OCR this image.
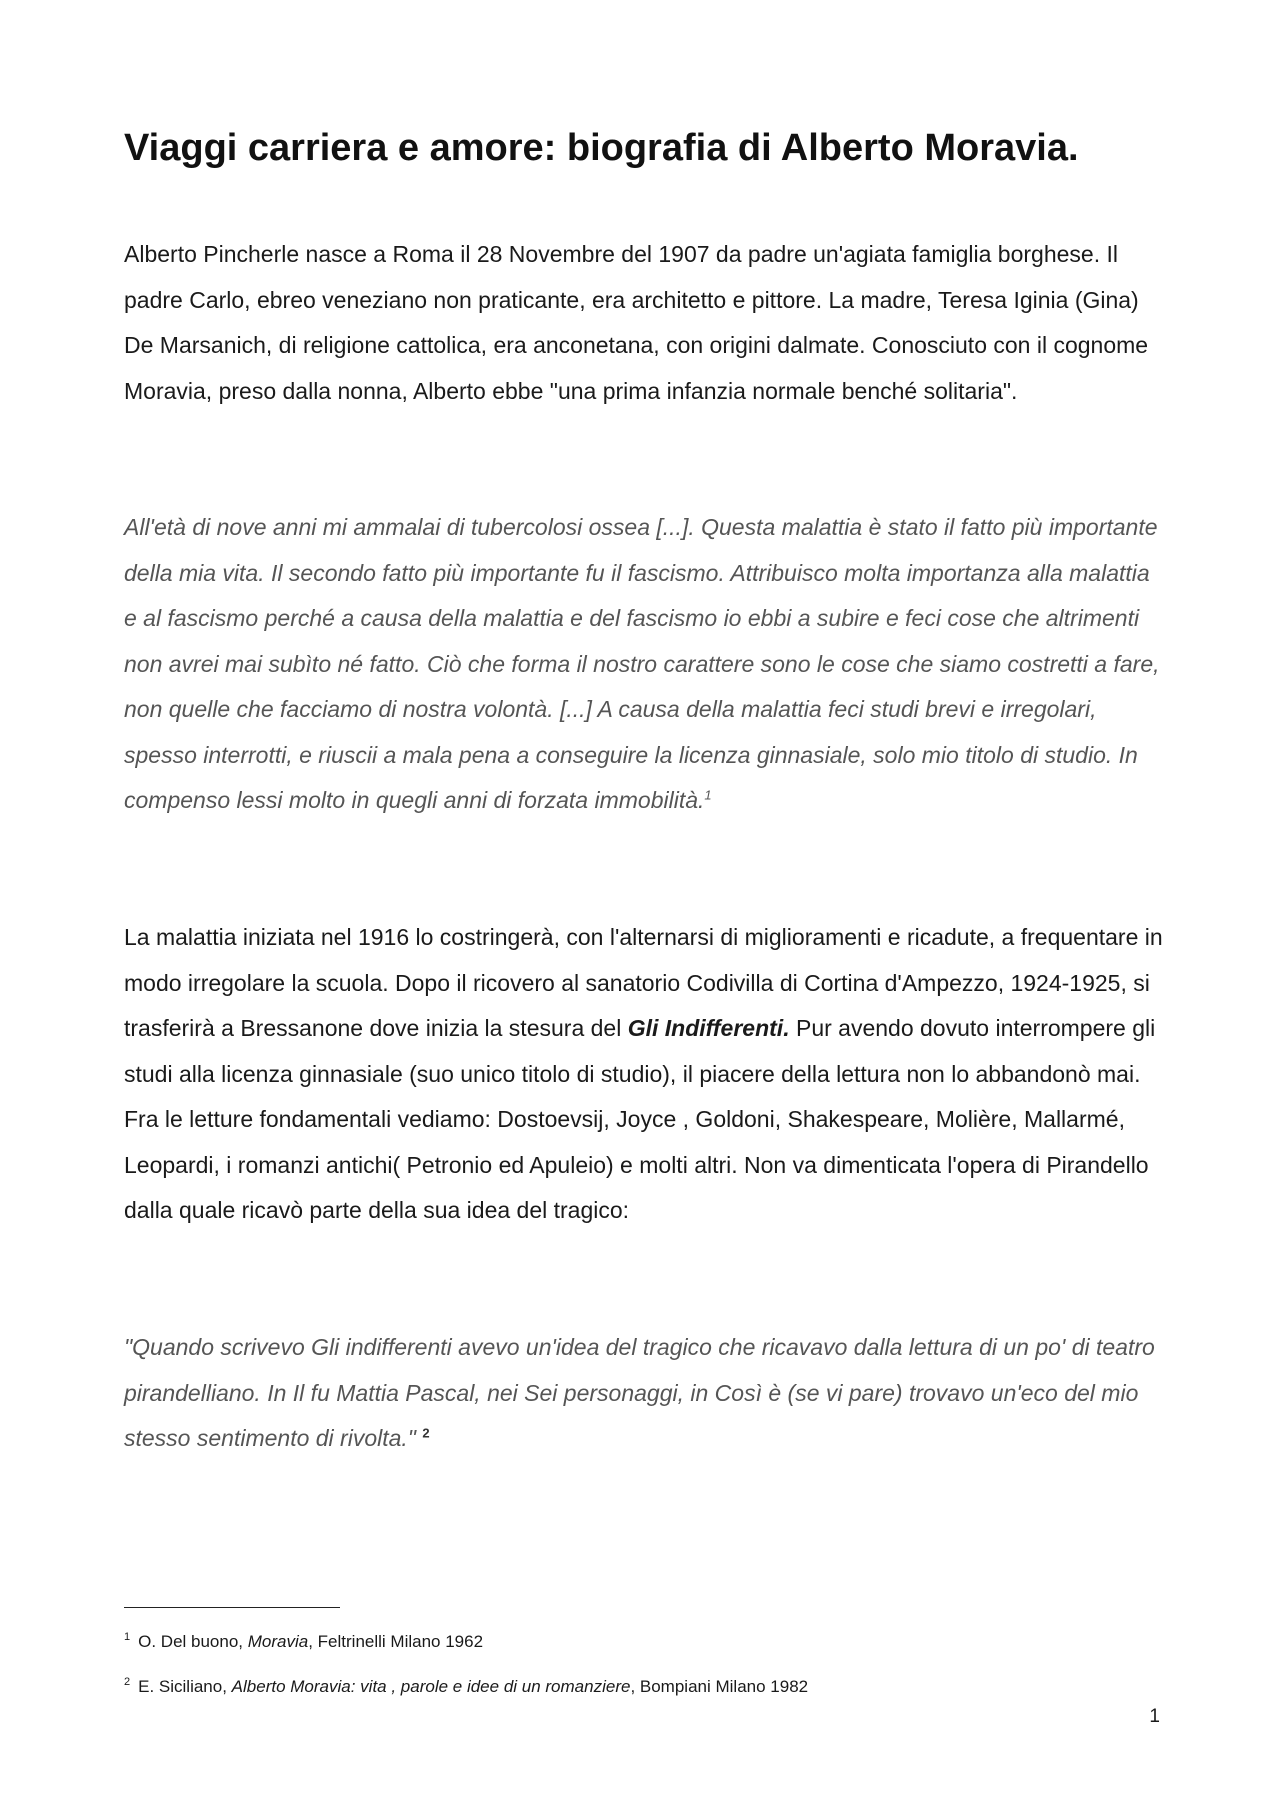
Viaggi carriera e amore: biografia di Alberto Moravia.

Alberto Pincherle nasce a Roma il 28 Novembre del 1907 da padre un'agiata famiglia borghese. Il padre Carlo, ebreo veneziano non praticante, era architetto e pittore. La madre, Teresa Iginia (Gina) De Marsanich, di religione cattolica, era anconetana, con origini dalmate. Conosciuto con il cognome Moravia, preso dalla nonna, Alberto ebbe "una prima infanzia normale benché solitaria".

All'età di nove anni mi ammalai di tubercolosi ossea [...]. Questa malattia è stato il fatto più importante della mia vita. Il secondo fatto più importante fu il fascismo. Attribuisco molta importanza alla malattia e al fascismo perché a causa della malattia e del fascismo io ebbi a subire e feci cose che altrimenti non avrei mai subìto né fatto. Ciò che forma il nostro carattere sono le cose che siamo costretti a fare, non quelle che facciamo di nostra volontà. [...] A causa della malattia feci studi brevi e irregolari, spesso interrotti, e riuscii a mala pena a conseguire la licenza ginnasiale, solo mio titolo di studio. In compenso lessi molto in quegli anni di forzata immobilità.$^1$

La malattia iniziata nel 1916 lo costringerà, con l'alternarsi di miglioramenti e ricadute, a frequentare in modo irregolare la scuola. Dopo il ricovero al sanatorio Codivilla di Cortina d'Ampezzo, 1924-1925, si trasferirà a Bressanone dove inizia la stesura del Gli Indifferenti. Pur avendo dovuto interrompere gli studi alla licenza ginnasiale (suo unico titolo di studio), il piacere della lettura non lo abbandonò mai. Fra le letture fondamentali vediamo: Dostoevsij, Joyce , Goldoni, Shakespeare, Molière, Mallarmé, Leopardi, i romanzi antichi( Petronio ed Apuleio) e molti altri. Non va dimenticata l'opera di Pirandello dalla quale ricavò parte della sua idea del tragico:

"Quando scrivevo Gli indifferenti avevo un'idea del tragico che ricavavo dalla lettura di un po' di teatro pirandelliano. In Il fu Mattia Pascal, nei Sei personaggi, in Così è (se vi pare) trovavo un'eco del mio stesso sentimento di rivolta." $^2$

$^1$ O. Del buono, Moravia, Feltrinelli Milano 1962
$^2$ E. Siciliano, Alberto Moravia: vita , parole e idee di un romanziere, Bompiani Milano 1982
1
